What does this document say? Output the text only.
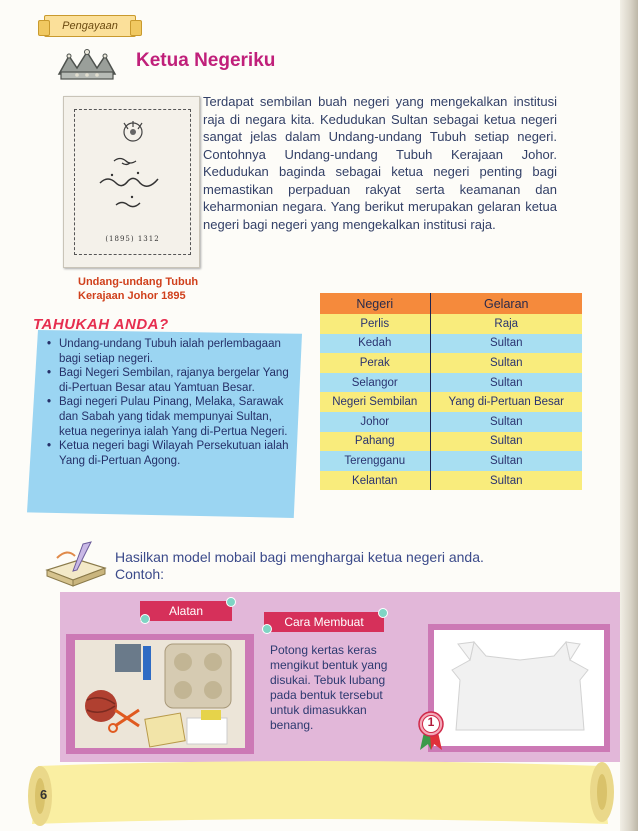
Pengayaan
Ketua Negeriku
(1895) 1312
Undang-undang Tubuh
Kerajaan Johor 1895

Terdapat sembilan buah negeri yang mengekalkan institusi raja di negara kita. Kedudukan Sultan sebagai ketua negeri sangat jelas dalam Undang-undang Tubuh setiap negeri. Contohnya Undang-undang Tubuh Kerajaan Johor. Kedudukan baginda sebagai ketua negeri penting bagi memastikan perpaduan rakyat serta keamanan dan keharmonian negara. Yang berikut merupakan gelaran ketua negeri bagi negeri yang mengekalkan institusi raja.

TAHUKAH ANDA?
• Undang-undang Tubuh ialah perlembagaan bagi setiap negeri.
• Bagi Negeri Sembilan, rajanya bergelar Yang di-Pertuan Besar atau Yamtuan Besar.
• Bagi negeri Pulau Pinang, Melaka, Sarawak dan Sabah yang tidak mempunyai Sultan, ketua negerinya ialah Yang di-Pertua Negeri.
• Ketua negeri bagi Wilayah Persekutuan ialah Yang di-Pertuan Agong.
Negeri	Gelaran
Perlis	Raja
Kedah	Sultan
Perak	Sultan
Selangor	Sultan
Negeri Sembilan	Yang di-Pertuan Besar
Johor	Sultan
Pahang	Sultan
Terengganu	Sultan
Kelantan	Sultan
Hasilkan model mobail bagi menghargai ketua negeri anda.
Contoh:
Alatan
Cara Membuat
Potong kertas keras mengikut bentuk yang disukai. Tebuk lubang pada bentuk tersebut untuk dimasukkan benang.	1
6
